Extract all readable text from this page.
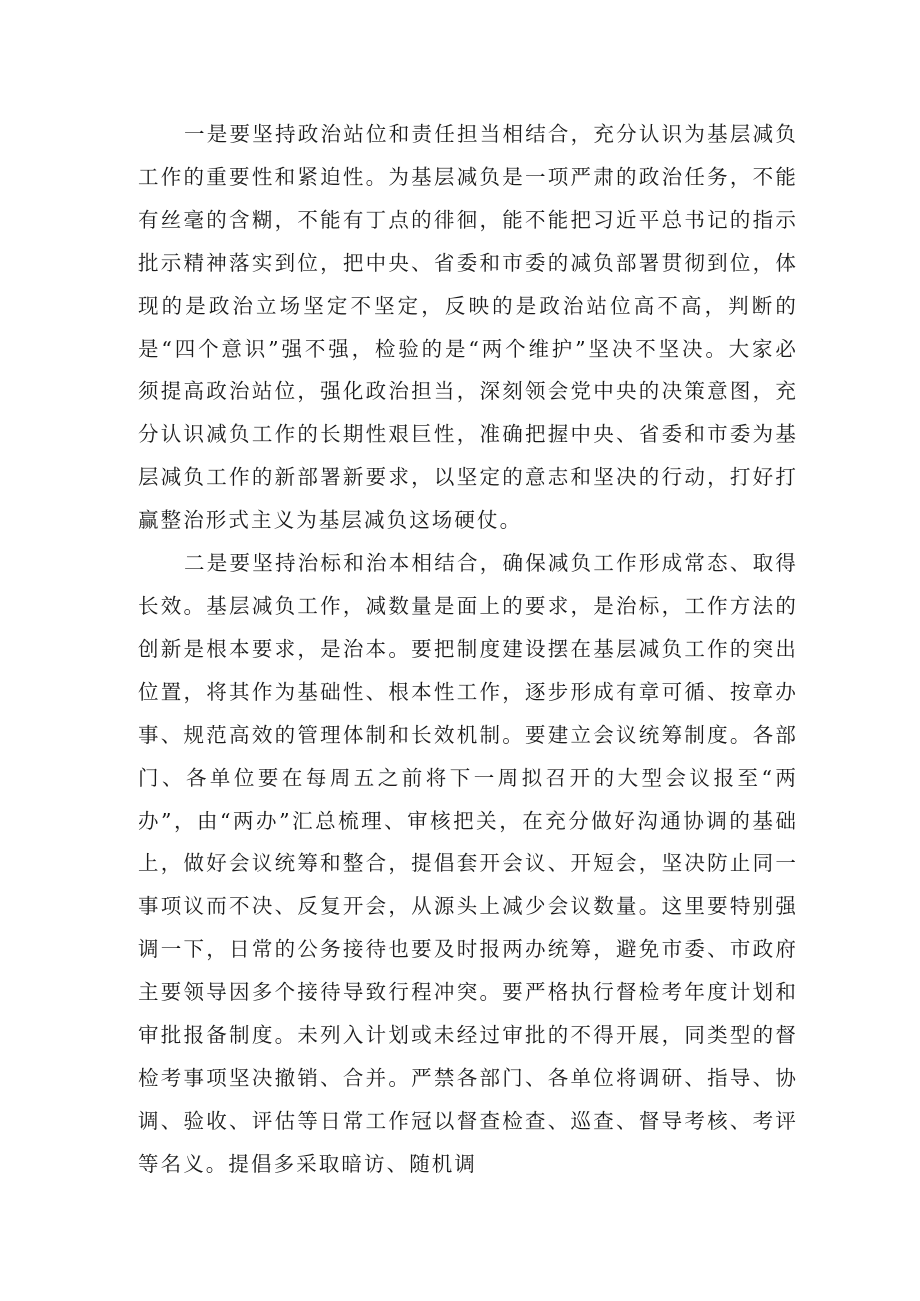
一是要坚持政治站位和责任担当相结合，充分认识为基层减负工作的重要性和紧迫性。为基层减负是一项严肃的政治任务，不能有丝毫的含糊，不能有丁点的徘徊，能不能把习近平总书记的指示批示精神落实到位，把中央、省委和市委的减负部署贯彻到位，体现的是政治立场坚定不坚定，反映的是政治站位高不高，判断的是“四个意识”强不强，检验的是“两个维护”坚决不坚决。大家必须提高政治站位，强化政治担当，深刻领会党中央的决策意图，充分认识减负工作的长期性艰巨性，准确把握中央、省委和市委为基层减负工作的新部署新要求，以坚定的意志和坚决的行动，打好打赢整治形式主义为基层减负这场硬仗。

二是要坚持治标和治本相结合，确保减负工作形成常态、取得长效。基层减负工作，减数量是面上的要求，是治标，工作方法的创新是根本要求，是治本。要把制度建设摆在基层减负工作的突出位置，将其作为基础性、根本性工作，逐步形成有章可循、按章办事、规范高效的管理体制和长效机制。要建立会议统筹制度。各部门、各单位要在每周五之前将下一周拟召开的大型会议报至“两办”，由“两办”汇总梳理、审核把关，在充分做好沟通协调的基础上，做好会议统筹和整合，提倡套开会议、开短会，坚决防止同一事项议而不决、反复开会，从源头上减少会议数量。这里要特别强调一下，日常的公务接待也要及时报两办统筹，避免市委、市政府主要领导因多个接待导致行程冲突。要严格执行督检考年度计划和审批报备制度。未列入计划或未经过审批的不得开展，同类型的督检考事项坚决撤销、合并。严禁各部门、各单位将调研、指导、协调、验收、评估等日常工作冠以督查检查、巡查、督导考核、考评等名义。提倡多采取暗访、随机调
